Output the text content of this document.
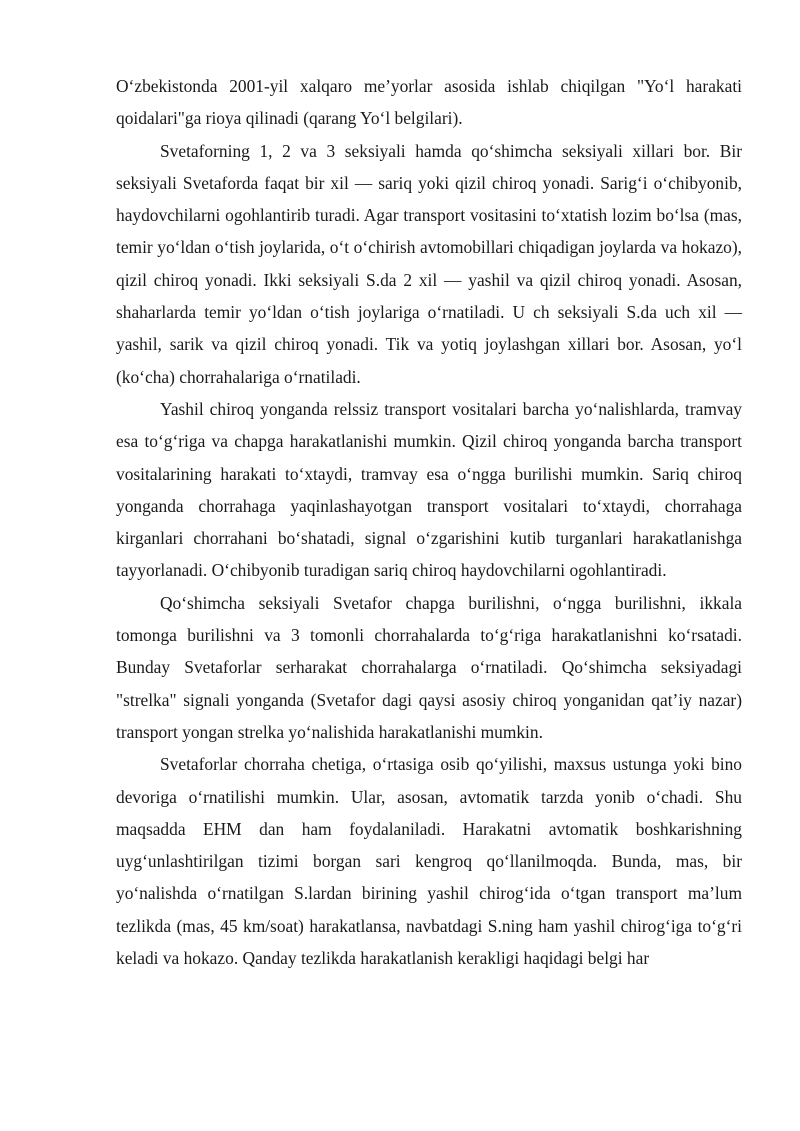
O‘zbekistonda 2001-yil xalqaro me’yorlar asosida ishlab chiqilgan "Yo‘l harakati qoidalari"ga rioya qilinadi (qarang Yo‘l belgilari).

Svetaforning 1, 2 va 3 seksiyali hamda qo‘shimcha seksiyali xillari bor. Bir seksiyali Svetaforda faqat bir xil — sariq yoki qizil chiroq yonadi. Sarig‘i o‘chibyonib, haydovchilarni ogohlantirib turadi. Agar transport vositasini to‘xtatish lozim bo‘lsa (mas, temir yo‘ldan o‘tish joylarida, o‘t o‘chirish avtomobillari chiqadigan joylarda va hokazo), qizil chiroq yonadi. Ikki seksiyali S.da 2 xil — yashil va qizil chiroq yonadi. Asosan, shaharlarda temir yo‘ldan o‘tish joylariga o‘rnatiladi. U ch seksiyali S.da uch xil — yashil, sarik va qizil chiroq yonadi. Tik va yotiq joylashgan xillari bor. Asosan, yo‘l (ko‘cha) chorrahalariga o‘rnatiladi.

Yashil chiroq yonganda relssiz transport vositalari barcha yo‘nalishlarda, tramvay esa to‘g‘riga va chapga harakatlanishi mumkin. Qizil chiroq yonganda barcha transport vositalarining harakati to‘xtaydi, tramvay esa o‘ngga burilishi mumkin. Sariq chiroq yonganda chorrahaga yaqinlashayotgan transport vositalari to‘xtaydi, chorrahaga kirganlari chorrahani bo‘shatadi, signal o‘zgarishini kutib turganlari harakatlanishga tayyorlanadi. O‘chibyonib turadigan sariq chiroq haydovchilarni ogohlantiradi.

Qo‘shimcha seksiyali Svetafor chapga burilishni, o‘ngga burilishni, ikkala tomonga burilishni va 3 tomonli chorrahalarda to‘g‘riga harakatlanishni ko‘rsatadi. Bunday Svetaforlar serharakat chorrahalarga o‘rnatiladi. Qo‘shimcha seksiyadagi "strelka" signali yonganda (Svetafor dagi qaysi asosiy chiroq yonganidan qat’iy nazar) transport yongan strelka yo‘nalishida harakatlanishi mumkin.

Svetaforlar chorraha chetiga, o‘rtasiga osib qo‘yilishi, maxsus ustunga yoki bino devoriga o‘rnatilishi mumkin. Ular, asosan, avtomatik tarzda yonib o‘chadi. Shu maqsadda EHM dan ham foydalaniladi. Harakatni avtomatik boshkarishning uyg‘unlashtirilgan tizimi borgan sari kengroq qo‘llanilmoqda. Bunda, mas, bir yo‘nalishda o‘rnatilgan S.lardan birining yashil chirog‘ida o‘tgan transport ma’lum tezlikda (mas, 45 km/soat) harakatlansa, navbatdagi S.ning ham yashil chirog‘iga to‘g‘ri keladi va hokazo. Qanday tezlikda harakatlanish kerakligi haqidagi belgi har
